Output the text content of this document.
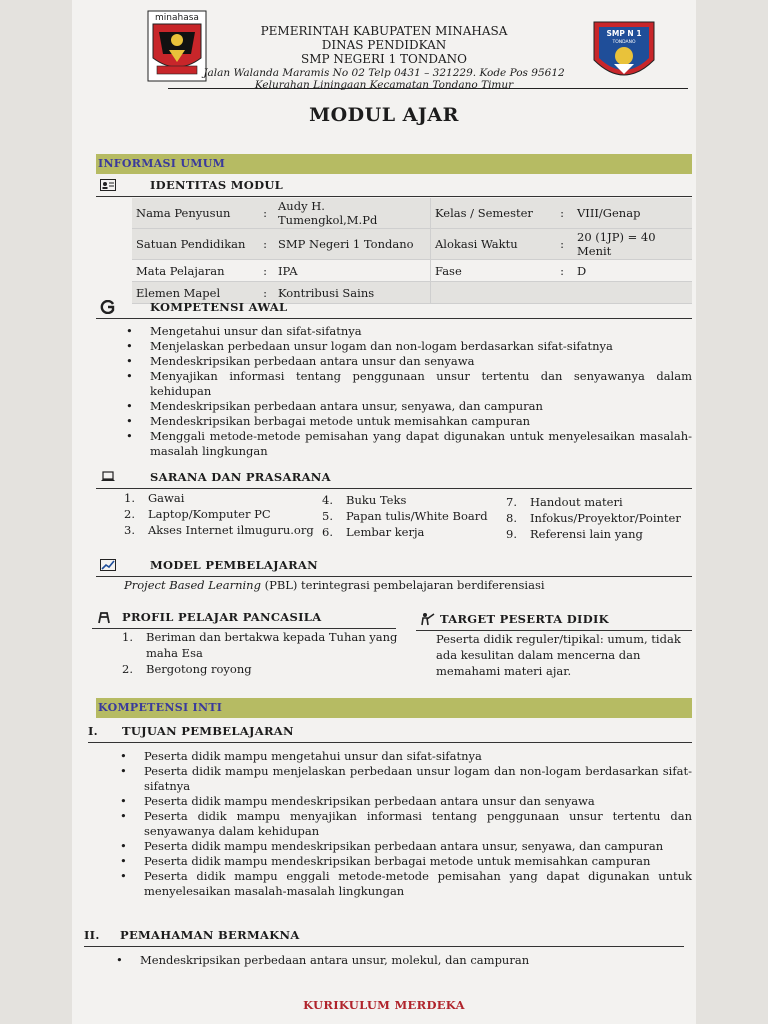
minahasa
SMP N 1
TONDANO
PEMERINTAH KABUPATEN MINAHASA
DINAS PENDIDKAN
SMP NEGERI 1 TONDANO
Jalan Walanda Maramis No 02 Telp 0431 – 321229. Kode Pos 95612
Kelurahan Liningaan Kecamatan Tondano Timur
MODUL AJAR
INFORMASI UMUM
IDENTITAS MODUL
Nama Penyusun	:	Audy H. Tumengkol,M.Pd	Kelas / Semester	:	VIII/Genap
Satuan Pendidikan	:	SMP Negeri 1 Tondano	Alokasi Waktu	:	20 (1JP) = 40 Menit
Mata Pelajaran	:	IPA	Fase	:	D
Elemen Mapel	:	Kontribusi Sains			
KOMPETENSI AWAL
• Mengetahui unsur dan sifat-sifatnya
• Menjelaskan perbedaan unsur logam dan non-logam berdasarkan sifat-sifatnya
• Mendeskripsikan perbedaan antara unsur dan senyawa
• Menyajikan informasi tentang penggunaan unsur tertentu dan senyawanya dalam kehidupan
• Mendeskripsikan perbedaan antara unsur, senyawa, dan campuran
• Mendeskripsikan berbagai metode untuk memisahkan campuran
• Menggali metode-metode pemisahan yang dapat digunakan untuk menyelesaikan masalah-masalah lingkungan
SARANA DAN PRASARANA
1. Gawai
2. Laptop/Komputer PC
3. Akses Internet ilmuguru.org
4. Buku Teks
5. Papan tulis/White Board
6. Lembar kerja
7. Handout materi
8. Infokus/Proyektor/Pointer
9. Referensi lain yang
MODEL PEMBELAJARAN
Project Based Learning (PBL) terintegrasi pembelajaran berdiferensiasi
PROFIL PELAJAR PANCASILA
1. Beriman dan bertakwa kepada Tuhan yang
maha Esa
2. Bergotong royong
TARGET PESERTA DIDIK
Peserta didik reguler/tipikal: umum, tidak
ada kesulitan dalam mencerna dan
memahami materi ajar.
KOMPETENSI INTI
I. TUJUAN PEMBELAJARAN
• Peserta didik mampu mengetahui unsur dan sifat-sifatnya
• Peserta didik mampu menjelaskan perbedaan unsur logam dan non-logam berdasarkan sifat-sifatnya
• Peserta didik mampu mendeskripsikan perbedaan antara unsur dan senyawa
• Peserta didik mampu menyajikan informasi tentang penggunaan unsur tertentu dan senyawanya dalam kehidupan
• Peserta didik mampu mendeskripsikan perbedaan antara unsur, senyawa, dan campuran
• Peserta didik mampu mendeskripsikan berbagai metode untuk memisahkan campuran
• Peserta didik mampu enggali metode-metode pemisahan yang dapat digunakan untuk menyelesaikan masalah-masalah lingkungan
II. PEMAHAMAN BERMAKNA
• Mendeskripsikan perbedaan antara unsur, molekul, dan campuran
KURIKULUM MERDEKA
